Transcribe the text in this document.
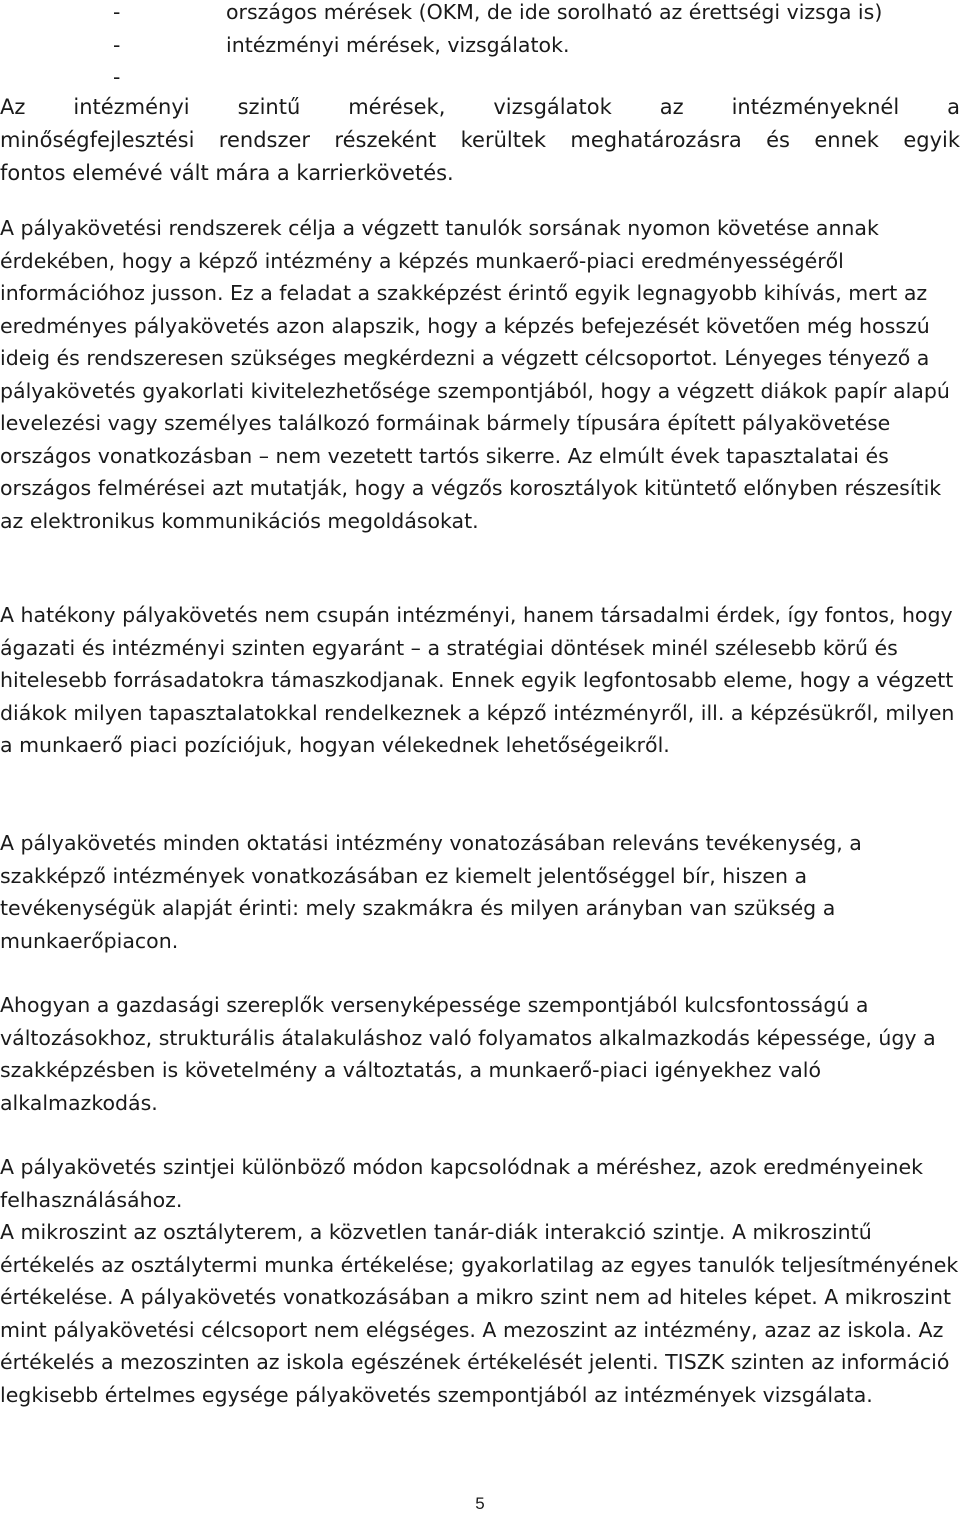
-	országos mérések (OKM, de ide sorolható az érettségi vizsga is)
-	intézményi mérések, vizsgálatok.
-

Az intézményi szintű mérések, vizsgálatok az intézményeknél a
minőségfejlesztési rendszer részeként kerültek meghatározásra és ennek egyik
fontos elemévé vált mára a karrierkövetés.

A pályakövetési rendszerek célja a végzett tanulók sorsának nyomon követése annak érdekében, hogy a képző intézmény a képzés munkaerő-piaci eredményességéről információhoz jusson. Ez a feladat a szakképzést érintő egyik legnagyobb kihívás, mert az eredményes pályakövetés azon alapszik, hogy a képzés befejezését követően még hosszú ideig és rendszeresen szükséges megkérdezni a végzett célcsoportot. Lényeges tényező a pályakövetés gyakorlati kivitelezhetősége szempontjából, hogy a végzett diákok papír alapú levelezési vagy személyes találkozó formáinak bármely típusára épített pályakövetése országos vonatkozásban – nem vezetett tartós sikerre. Az elmúlt évek tapasztalatai és országos felmérései azt mutatják, hogy a végzős korosztályok kitüntető előnyben részesítik az elektronikus kommunikációs megoldásokat.

A hatékony pályakövetés nem csupán intézményi, hanem társadalmi érdek, így fontos, hogy ágazati és intézményi szinten egyaránt – a stratégiai döntések minél szélesebb körű és hitelesebb forrásadatokra támaszkodjanak. Ennek egyik legfontosabb eleme, hogy a végzett diákok milyen tapasztalatokkal rendelkeznek a képző intézményről, ill. a képzésükről, milyen a munkaerő piaci pozíciójuk, hogyan vélekednek lehetőségeikről.

A pályakövetés minden oktatási intézmény vonatozásában releváns tevékenység, a szakképző intézmények vonatkozásában ez kiemelt jelentőséggel bír, hiszen a tevékenységük alapját érinti: mely szakmákra és milyen arányban van szükség a munkaerőpiacon.

Ahogyan a gazdasági szereplők versenyképessége szempontjából kulcsfontosságú a változásokhoz, strukturális átalakuláshoz való folyamatos alkalmazkodás képessége, úgy a szakképzésben is követelmény a változtatás, a munkaerő-piaci igényekhez való alkalmazkodás.

A pályakövetés szintjei különböző módon kapcsolódnak a méréshez, azok eredményeinek felhasználásához.

A mikroszint az osztályterem, a közvetlen tanár-diák interakció szintje. A mikroszintű értékelés az osztálytermi munka értékelése; gyakorlatilag az egyes tanulók teljesítményének értékelése. A pályakövetés vonatkozásában a mikro szint nem ad hiteles képet. A mikroszint mint pályakövetési célcsoport nem elégséges. A mezoszint az intézmény, azaz az iskola. Az értékelés a mezoszinten az iskola egészének értékelését jelenti. TISZK szinten az információ legkisebb értelmes egysége pályakövetés szempontjából az intézmények vizsgálata.

5
